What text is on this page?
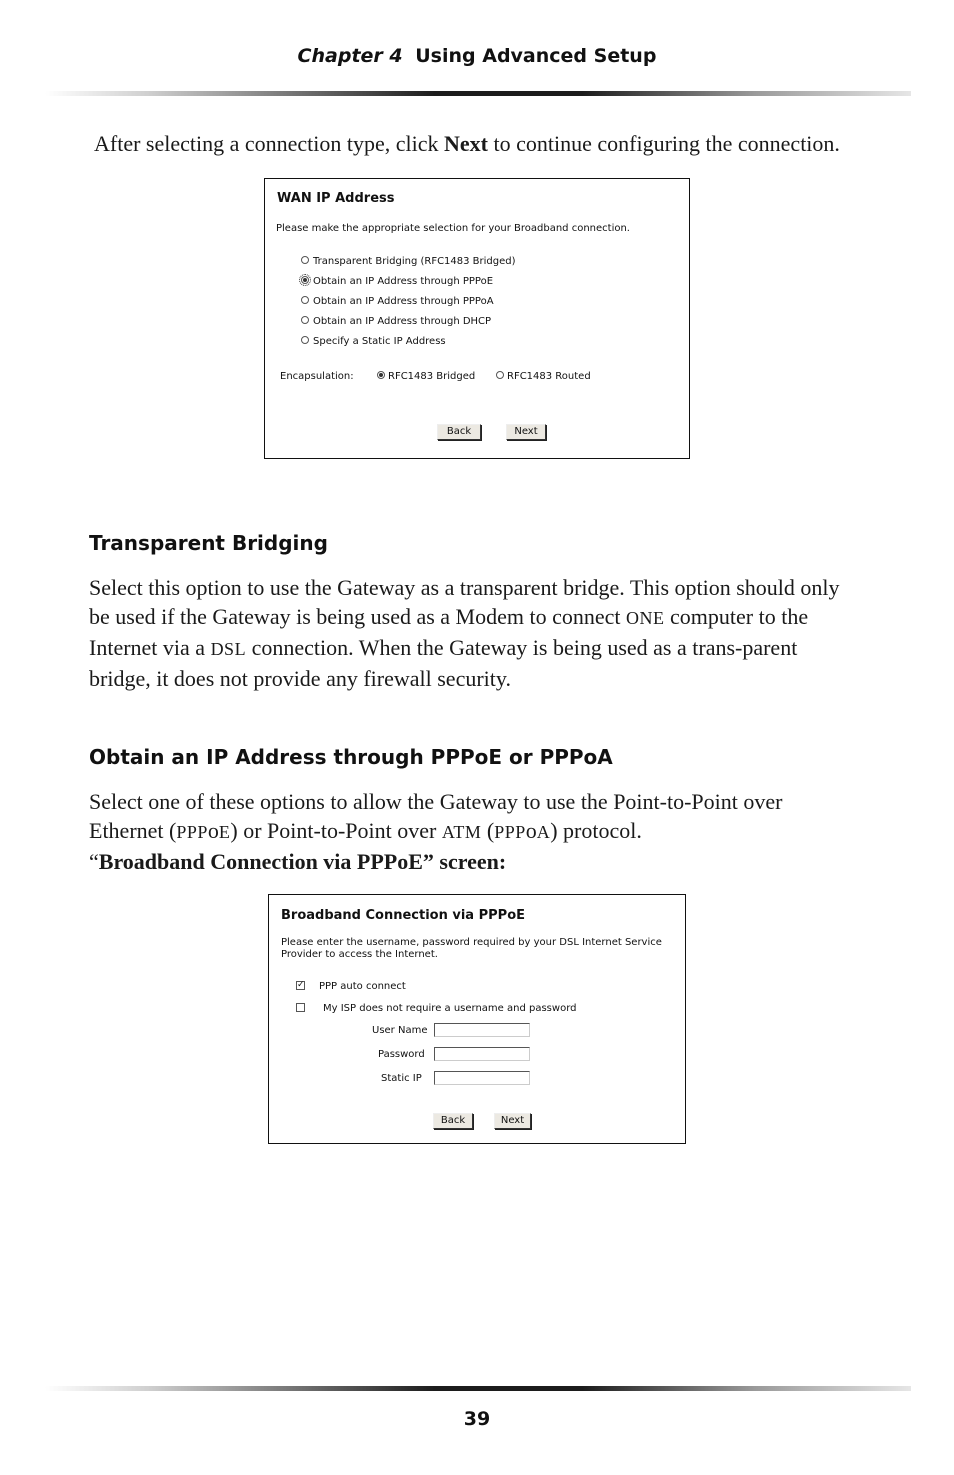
Chapter 4 Using Advanced Setup
After selecting a connection type, click Next to continue configuring the connection.
WAN IP Address
Please make the appropriate selection for your Broadband connection.
Transparent Bridging (RFC1483 Bridged)
Obtain an IP Address through PPPoE
Obtain an IP Address through PPPoA
Obtain an IP Address through DHCP
Specify a Static IP Address
Encapsulation:	RFC1483 Bridged	RFC1483 Routed
Back	Next
Transparent Bridging
Select this option to use the Gateway as a transparent bridge. This option should only be used if the Gateway is being used as a Modem to connect ONE computer to the Internet via a DSL connection. When the Gateway is being used as a trans-parent bridge, it does not provide any firewall security.
Obtain an IP Address through PPPoE or PPPoA
Select one of these options to allow the Gateway to use the Point-to-Point over Ethernet (PPPoE) or Point-to-Point over ATM (PPPoA) protocol.
“Broadband Connection via PPPoE” screen:
Broadband Connection via PPPoE
Please enter the username, password required by your DSL Internet Service
Provider to access the Internet.
✓ PPP auto connect
My ISP does not require a username and password
User Name
Password
Static IP
Back	Next
39
